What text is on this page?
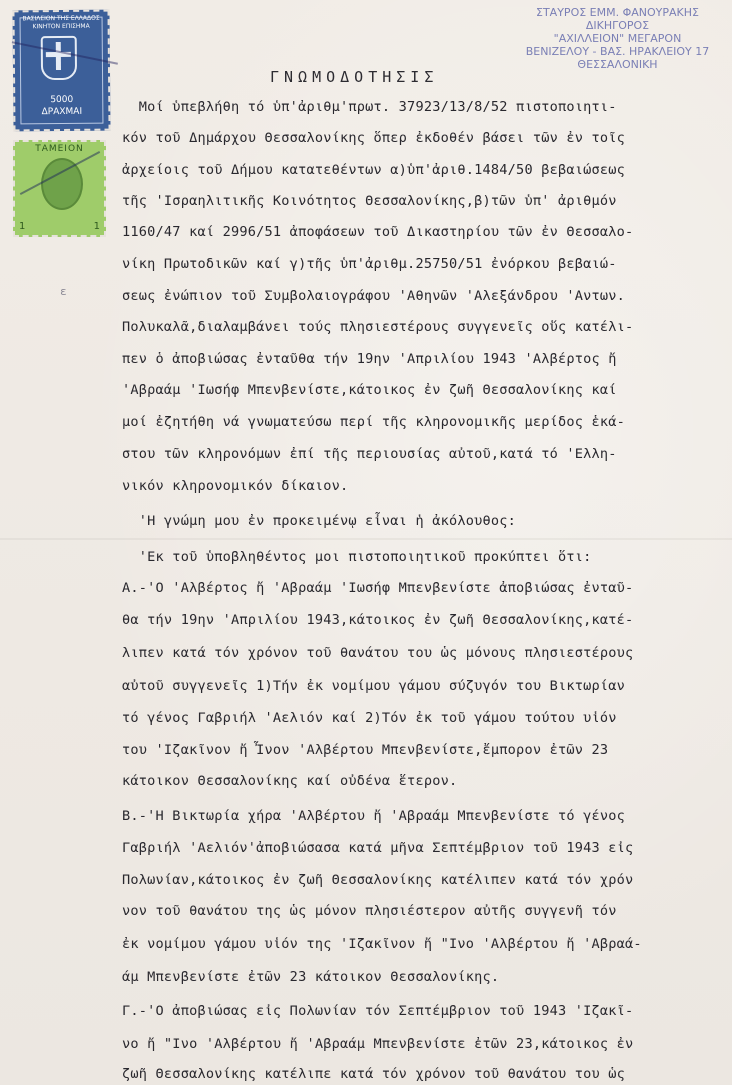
ΒΑΣΙΛΕΙΟΝ ΤΗΣ ΕΛΛΑΔΟΣ
ΚΙΝΗΤΟΝ ΕΠΙΣΗΜΑ
5000
ΔΡΑΧΜΑΙ
ΤΑΜΕΙΟΝ
1	1
ΣΤΑΥΡΟΣ ΕΜΜ. ΦΑΝΟΥΡΑΚΗΣ
ΔΙΚΗΓΟΡΟΣ
"ΑΧΙΛΛΕΙΟΝ" ΜΕΓΑΡΟΝ
ΒΕΝΙΖΕΛΟΥ - ΒΑΣ. ΗΡΑΚΛΕΙΟΥ 17
ΘΕΣΣΑΛΟΝΙΚΗ
ΓΝΩΜΟΔΟΤΗΣΙΣ
ε
Μοί ὑπεβλήθη τό ὑπ'ἀριθμ'πρωτ. 37923/13/8/52 πιστοποιητι-
κόν τοῦ Δημάρχου Θεσσαλονίκης ὅπερ ἐκδοθέν βάσει τῶν ἐν τοῖς
ἀρχείοις τοῦ Δήμου κατατεθέντων α)ὑπ'ἀριθ.1484/50 βεβαιώσεως
τῆς 'Ισραηλιτικῆς Κοινότητος Θεσσαλονίκης,β)τῶν ὑπ' ἀριθμόν
1160/47 καί 2996/51 ἀποφάσεων τοῦ Δικαστηρίου τῶν ἐν Θεσσαλο-
νίκη Πρωτοδικῶν καί γ)τῆς ὑπ'ἀριθμ.25750/51 ἐνόρκου βεβαιώ-
σεως ἐνώπιον τοῦ Συμβολαιογράφου 'Αθηνῶν 'Αλεξάνδρου 'Αντων.
Πολυκαλᾶ,διαλαμβάνει τούς πλησιεστέρους συγγενεῖς οὕς κατέλι-
πεν ὁ ἀποβιώσας ἐνταῦθα τήν 19ην 'Απριλίου 1943 'Αλβέρτος ἤ
'Αβραάμ 'Ιωσήφ Μπενβενίστε,κάτοικος ἐν ζωῆ Θεσσαλονίκης καί
μοί ἐζητήθη νά γνωματεύσω περί τῆς κληρονομικῆς μερίδος ἑκά-
στου τῶν κληρονόμων ἐπί τῆς περιουσίας αὐτοῦ,κατά τό 'Ελλη-
νικόν κληρονομικόν δίκαιον.
'Η γνώμη μου ἐν προκειμένῳ εἶναι ἡ ἀκόλουθος:
'Εκ τοῦ ὑποβληθέντος μοι πιστοποιητικοῦ προκύπτει ὅτι:
Α.-'Ο 'Αλβέρτος ἤ 'Αβραάμ 'Ιωσήφ Μπενβενίστε ἀποβιώσας ἐνταῦ-
θα τήν 19ην 'Απριλίου 1943,κάτοικος ἐν ζωῆ Θεσσαλονίκης,κατέ-
λιπεν κατά τόν χρόνον τοῦ θανάτου του ὡς μόνους πλησιεστέρους
αὐτοῦ συγγενεῖς 1)Τήν ἐκ νομίμου γάμου σύζυγόν του Βικτωρίαν
τό γένος Γαβριήλ 'Αελιόν καί 2)Τόν ἐκ τοῦ γάμου τούτου υἱόν
του 'Ιζακῖνον ἤ Ἶνον 'Αλβέρτου Μπενβενίστε,ἔμπορον ἐτῶν 23
κάτοικον Θεσσαλονίκης καί οὐδένα ἕτερον.
Β.-'Η Βικτωρία χήρα 'Αλβέρτου ἤ 'Αβραάμ Μπενβενίστε τό γένος
Γαβριήλ 'Αελιόν'ἀποβιώσασα κατά μῆνα Σεπτέμβριον τοῦ 1943 εἰς
Πολωνίαν,κάτοικος ἐν ζωῆ Θεσσαλονίκης κατέλιπεν κατά τόν χρόν
νον τοῦ θανάτου της ὡς μόνον πλησιέστερον αὐτῆς συγγενῆ τόν
ἐκ νομίμου γάμου υἱόν της 'Ιζακῖνον ἤ "Ινο 'Αλβέρτου ἤ 'Αβραά-
άμ Μπενβενίστε ἐτῶν 23 κάτοικον Θεσσαλονίκης.
Γ.-'Ο ἀποβιώσας εἰς Πολωνίαν τόν Σεπτέμβριον τοῦ 1943 'Ιζακῖ-
νο ἤ "Ινο 'Αλβέρτου ἤ 'Αβραάμ Μπενβενίστε ἐτῶν 23,κάτοικος ἐν
ζωῆ Θεσσαλονίκης κατέλιπε κατά τόν χρόνον τοῦ θανάτου του ὡς
